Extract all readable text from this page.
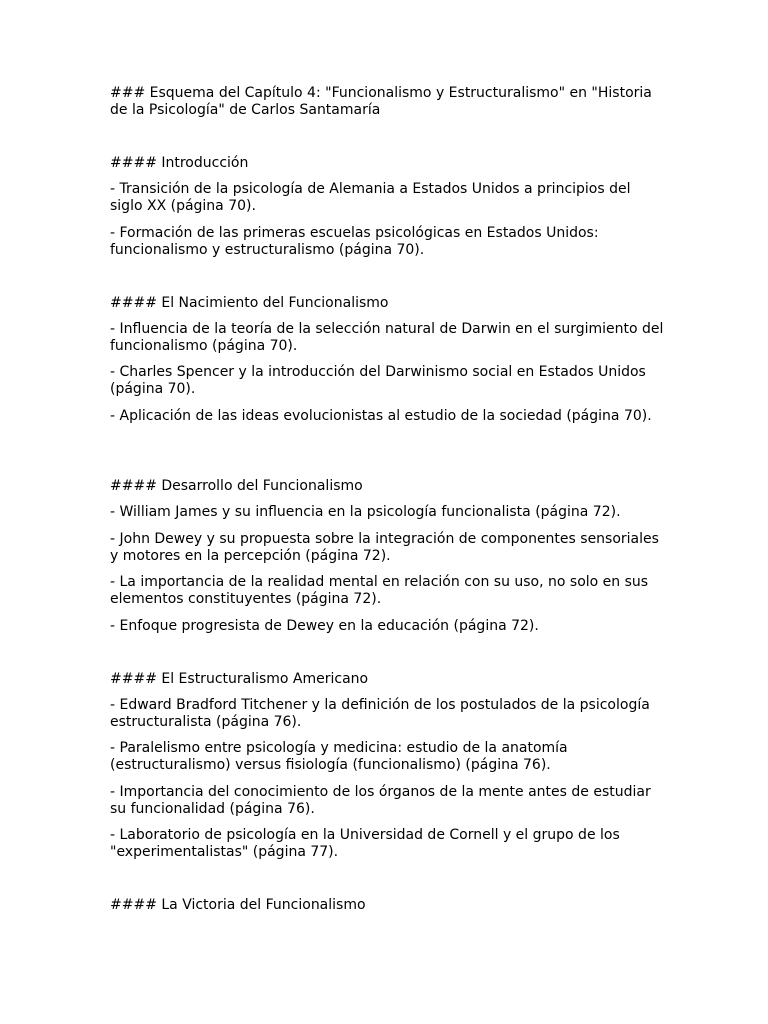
### Esquema del Capítulo 4: "Funcionalismo y Estructuralismo" en "Historia de la Psicología" de Carlos Santamaría

#### Introducción

- Transición de la psicología de Alemania a Estados Unidos a principios del siglo XX (página 70).

- Formación de las primeras escuelas psicológicas en Estados Unidos: funcionalismo y estructuralismo (página 70).

#### El Nacimiento del Funcionalismo

- Influencia de la teoría de la selección natural de Darwin en el surgimiento del funcionalismo (página 70).

- Charles Spencer y la introducción del Darwinismo social en Estados Unidos (página 70).

- Aplicación de las ideas evolucionistas al estudio de la sociedad (página 70).

#### Desarrollo del Funcionalismo

- William James y su influencia en la psicología funcionalista (página 72).

- John Dewey y su propuesta sobre la integración de componentes sensoriales y motores en la percepción (página 72).

- La importancia de la realidad mental en relación con su uso, no solo en sus elementos constituyentes (página 72).

- Enfoque progresista de Dewey en la educación (página 72).

#### El Estructuralismo Americano

- Edward Bradford Titchener y la definición de los postulados de la psicología estructuralista (página 76).

- Paralelismo entre psicología y medicina: estudio de la anatomía (estructuralismo) versus fisiología (funcionalismo) (página 76).

- Importancia del conocimiento de los órganos de la mente antes de estudiar su funcionalidad (página 76).

- Laboratorio de psicología en la Universidad de Cornell y el grupo de los "experimentalistas" (página 77).

#### La Victoria del Funcionalismo
